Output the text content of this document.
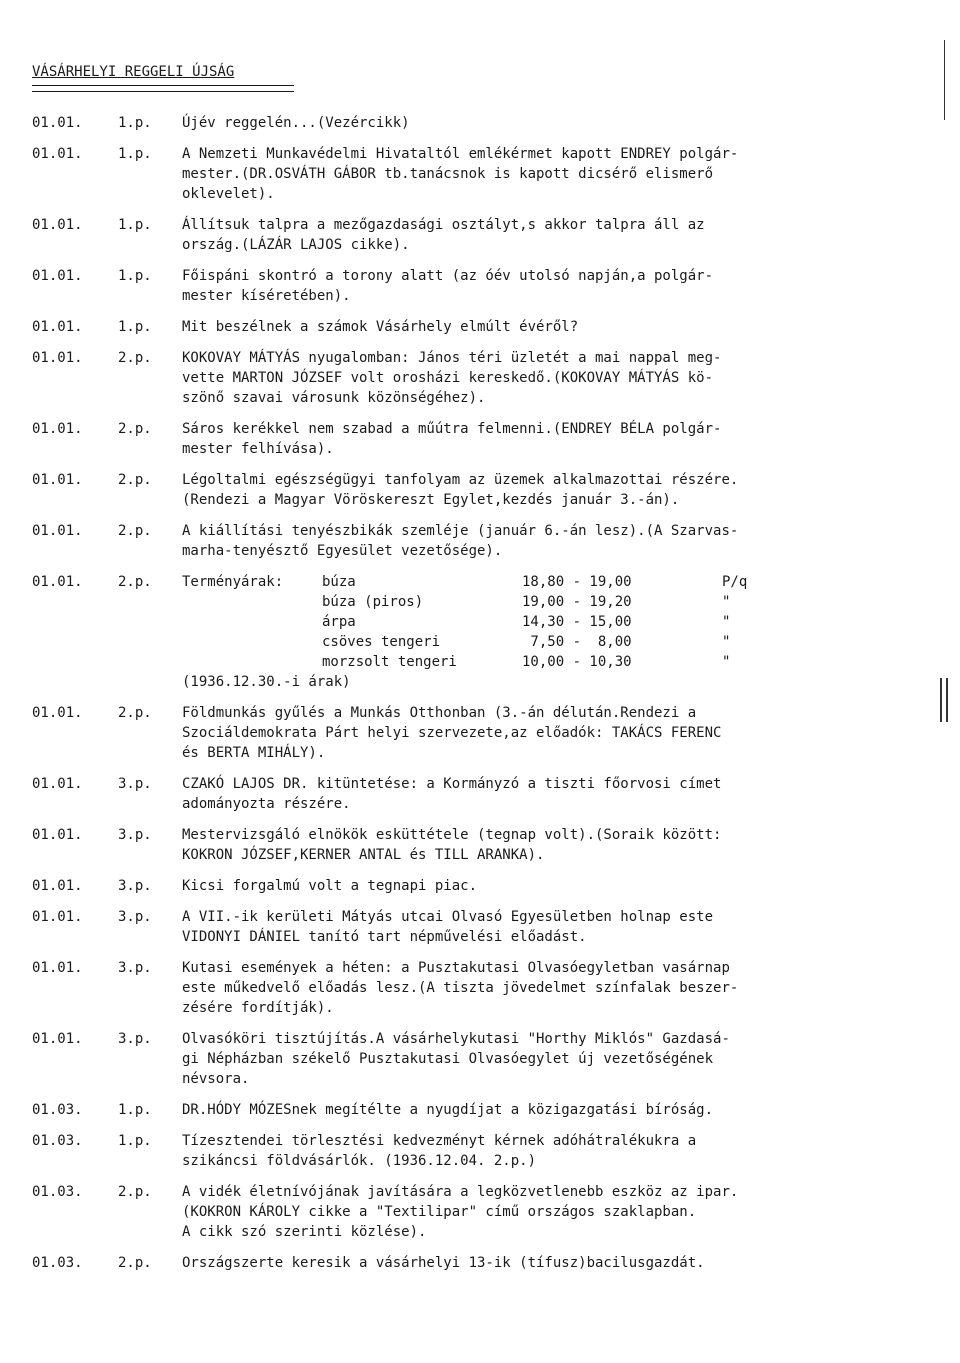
VÁSÁRHELYI REGGELI ÚJSÁG
01.01.	1.p.	Újév reggelén...(Vezércikk)
01.01.	1.p.	A Nemzeti Munkavédelmi Hivataltól emlékérmet kapott ENDREY polgár-
mester.(DR.OSVÁTH GÁBOR tb.tanácsnok is kapott dicsérő elismerő
oklevelet).
01.01.	1.p.	Állítsuk talpra a mezőgazdasági osztályt,s akkor talpra áll az
ország.(LÁZÁR LAJOS cikke).
01.01.	1.p.	Főispáni skontró a torony alatt (az óév utolsó napján,a polgár-
mester kíséretében).
01.01.	1.p.	Mit beszélnek a számok Vásárhely elmúlt évéről?
01.01.	2.p.	KOKOVAY MÁTYÁS nyugalomban: János téri üzletét a mai nappal meg-
vette MARTON JÓZSEF volt orosházi kereskedő.(KOKOVAY MÁTYÁS kö-
szönő szavai városunk közönségéhez).
01.01.	2.p.	Sáros kerékkel nem szabad a műútra felmenni.(ENDREY BÉLA polgár-
mester felhívása).
01.01.	2.p.	Légoltalmi egészségügyi tanfolyam az üzemek alkalmazottai részére.
(Rendezi a Magyar Vöröskereszt Egylet,kezdés január 3.-án).
01.01.	2.p.	A kiállítási tenyészbikák szemléje (január 6.-án lesz).(A Szarvas-
marha-tenyésztő Egyesület vezetősége).
01.01.	2.p.	Terményárak:	búza	18,80 - 19,00	P/q
búza (piros)	19,00 - 19,20	"
árpa	14,30 - 15,00	"
csöves tengeri	7,50 -  8,00	"
morzsolt tengeri	10,00 - 10,30	"
(1936.12.30.-i árak)
01.01.	2.p.	Földmunkás gyűlés a Munkás Otthonban (3.-án délután.Rendezi a
Szociáldemokrata Párt helyi szervezete,az előadók: TAKÁCS FERENC
és BERTA MIHÁLY).
01.01.	3.p.	CZAKÓ LAJOS DR. kitüntetése: a Kormányzó a tiszti főorvosi címet
adományozta részére.
01.01.	3.p.	Mestervizsgáló elnökök esküttétele (tegnap volt).(Soraik között:
KOKRON JÓZSEF,KERNER ANTAL és TILL ARANKA).
01.01.	3.p.	Kicsi forgalmú volt a tegnapi piac.
01.01.	3.p.	A VII.-ik kerületi Mátyás utcai Olvasó Egyesületben holnap este
VIDONYI DÁNIEL tanító tart népművelési előadást.
01.01.	3.p.	Kutasi események a héten: a Pusztakutasi Olvasóegyletban vasárnap
este műkedvelő előadás lesz.(A tiszta jövedelmet színfalak beszer-
zésére fordítják).
01.01.	3.p.	Olvasóköri tisztújítás.A vásárhelykutasi "Horthy Miklós" Gazdasá-
gi Népházban székelő Pusztakutasi Olvasóegylet új vezetőségének
névsora.
01.03.	1.p.	DR.HÓDY MÓZESnek megítélte a nyugdíjat a közigazgatási bíróság.
01.03.	1.p.	Tízesztendei törlesztési kedvezményt kérnek adóhátralékukra a
szikáncsi földvásárlók. (1936.12.04. 2.p.)
01.03.	2.p.	A vidék életnívójának javítására a legközvetlenebb eszköz az ipar.
(KOKRON KÁROLY cikke a "Textilipar" című országos szaklapban.
A cikk szó szerinti közlése).
01.03.	2.p.	Országszerte keresik a vásárhelyi 13-ik (tífusz)bacilusgazdát.
